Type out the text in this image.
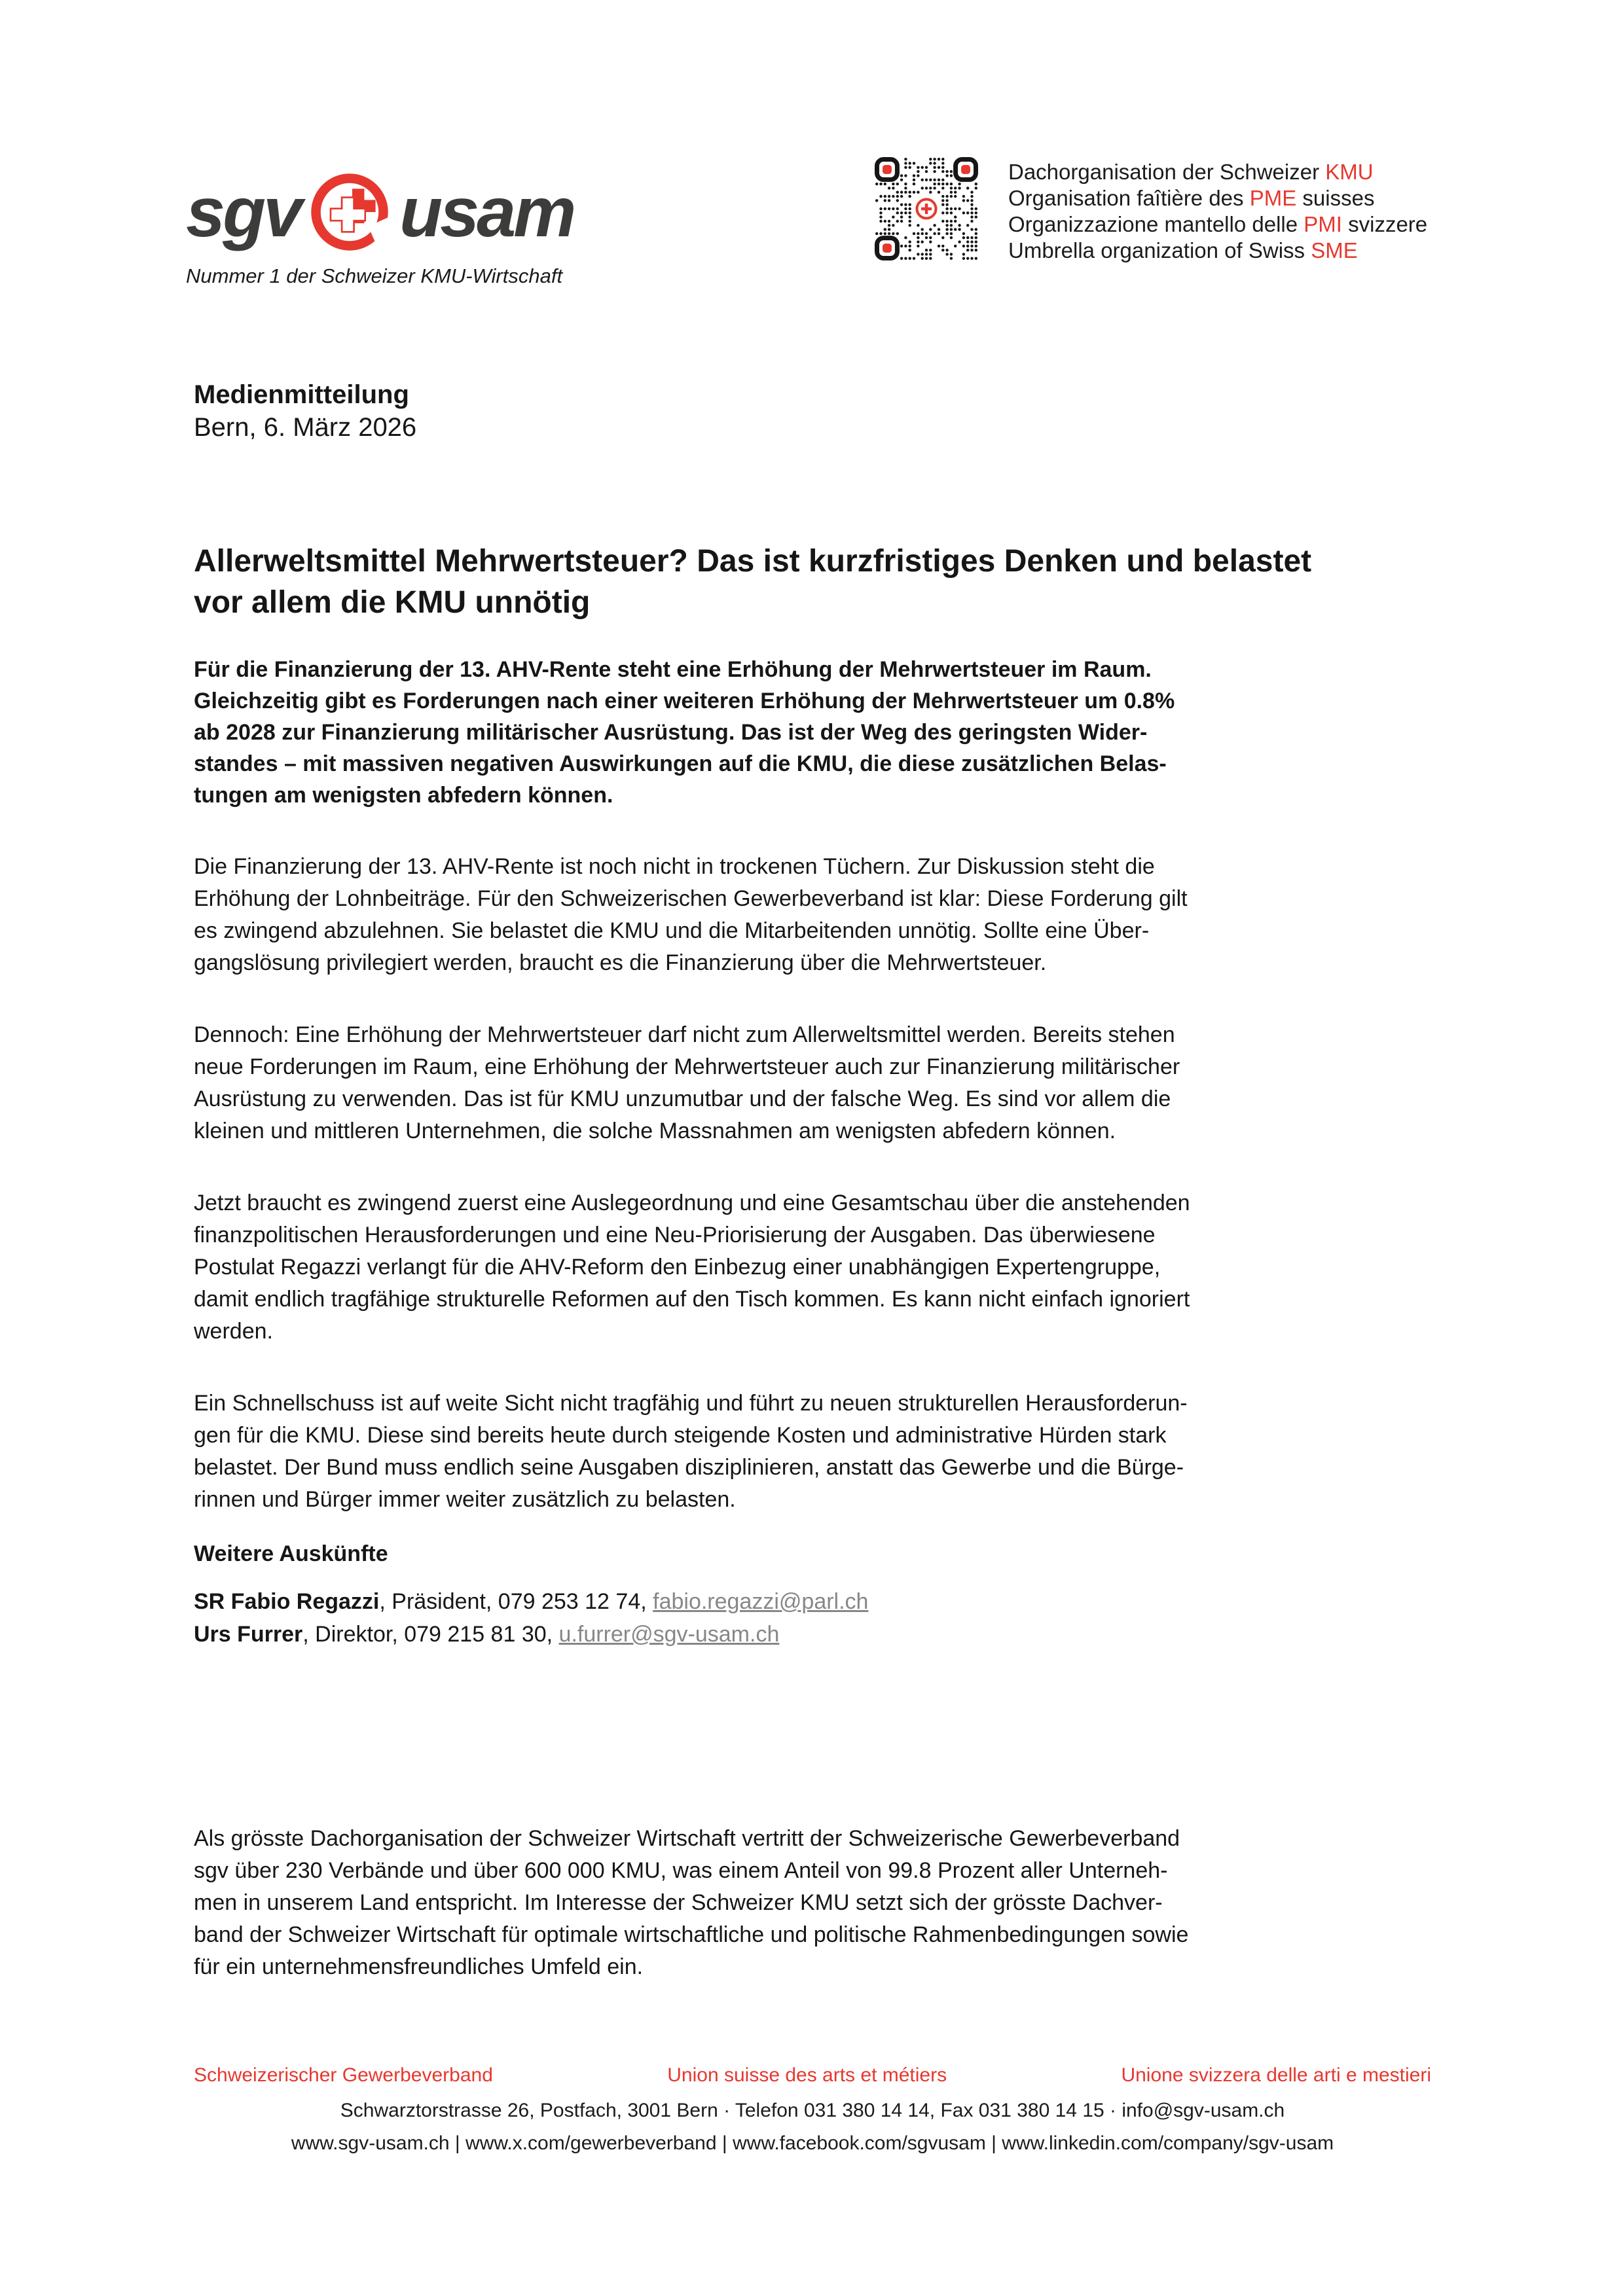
sgv usam
Nummer 1 der Schweizer KMU-Wirtschaft
Dachorganisation der Schweizer KMU
Organisation faîtière des PME suisses
Organizzazione mantello delle PMI svizzere
Umbrella organization of Swiss SME
Medienmitteilung
Bern, 6. März 2026
Allerweltsmittel Mehrwertsteuer? Das ist kurzfristiges Denken und belastet
vor allem die KMU unnötig
Für die Finanzierung der 13. AHV-Rente steht eine Erhöhung der Mehrwertsteuer im Raum.
Gleichzeitig gibt es Forderungen nach einer weiteren Erhöhung der Mehrwertsteuer um 0.8%
ab 2028 zur Finanzierung militärischer Ausrüstung. Das ist der Weg des geringsten Wider-
standes – mit massiven negativen Auswirkungen auf die KMU, die diese zusätzlichen Belas-
tungen am wenigsten abfedern können.
Die Finanzierung der 13. AHV-Rente ist noch nicht in trockenen Tüchern. Zur Diskussion steht die
Erhöhung der Lohnbeiträge. Für den Schweizerischen Gewerbeverband ist klar: Diese Forderung gilt
es zwingend abzulehnen. Sie belastet die KMU und die Mitarbeitenden unnötig. Sollte eine Über-
gangslösung privilegiert werden, braucht es die Finanzierung über die Mehrwertsteuer.
Dennoch: Eine Erhöhung der Mehrwertsteuer darf nicht zum Allerweltsmittel werden. Bereits stehen
neue Forderungen im Raum, eine Erhöhung der Mehrwertsteuer auch zur Finanzierung militärischer
Ausrüstung zu verwenden. Das ist für KMU unzumutbar und der falsche Weg. Es sind vor allem die
kleinen und mittleren Unternehmen, die solche Massnahmen am wenigsten abfedern können.
Jetzt braucht es zwingend zuerst eine Auslegeordnung und eine Gesamtschau über die anstehenden
finanzpolitischen Herausforderungen und eine Neu-Priorisierung der Ausgaben. Das überwiesene
Postulat Regazzi verlangt für die AHV-Reform den Einbezug einer unabhängigen Expertengruppe,
damit endlich tragfähige strukturelle Reformen auf den Tisch kommen. Es kann nicht einfach ignoriert
werden.
Ein Schnellschuss ist auf weite Sicht nicht tragfähig und führt zu neuen strukturellen Herausforderun-
gen für die KMU. Diese sind bereits heute durch steigende Kosten und administrative Hürden stark
belastet. Der Bund muss endlich seine Ausgaben disziplinieren, anstatt das Gewerbe und die Bürge-
rinnen und Bürger immer weiter zusätzlich zu belasten.
Weitere Auskünfte
SR Fabio Regazzi, Präsident, 079 253 12 74, fabio.regazzi@parl.ch
Urs Furrer, Direktor, 079 215 81 30, u.furrer@sgv-usam.ch
Als grösste Dachorganisation der Schweizer Wirtschaft vertritt der Schweizerische Gewerbeverband
sgv über 230 Verbände und über 600 000 KMU, was einem Anteil von 99.8 Prozent aller Unterneh-
men in unserem Land entspricht. Im Interesse der Schweizer KMU setzt sich der grösste Dachver-
band der Schweizer Wirtschaft für optimale wirtschaftliche und politische Rahmenbedingungen sowie
für ein unternehmensfreundliches Umfeld ein.
Schweizerischer Gewerbeverband	Union suisse des arts et métiers	Unione svizzera delle arti e mestieri
Schwarztorstrasse 26, Postfach, 3001 Bern · Telefon 031 380 14 14, Fax 031 380 14 15 · info@sgv-usam.ch
www.sgv-usam.ch | www.x.com/gewerbeverband | www.facebook.com/sgvusam | www.linkedin.com/company/sgv-usam
